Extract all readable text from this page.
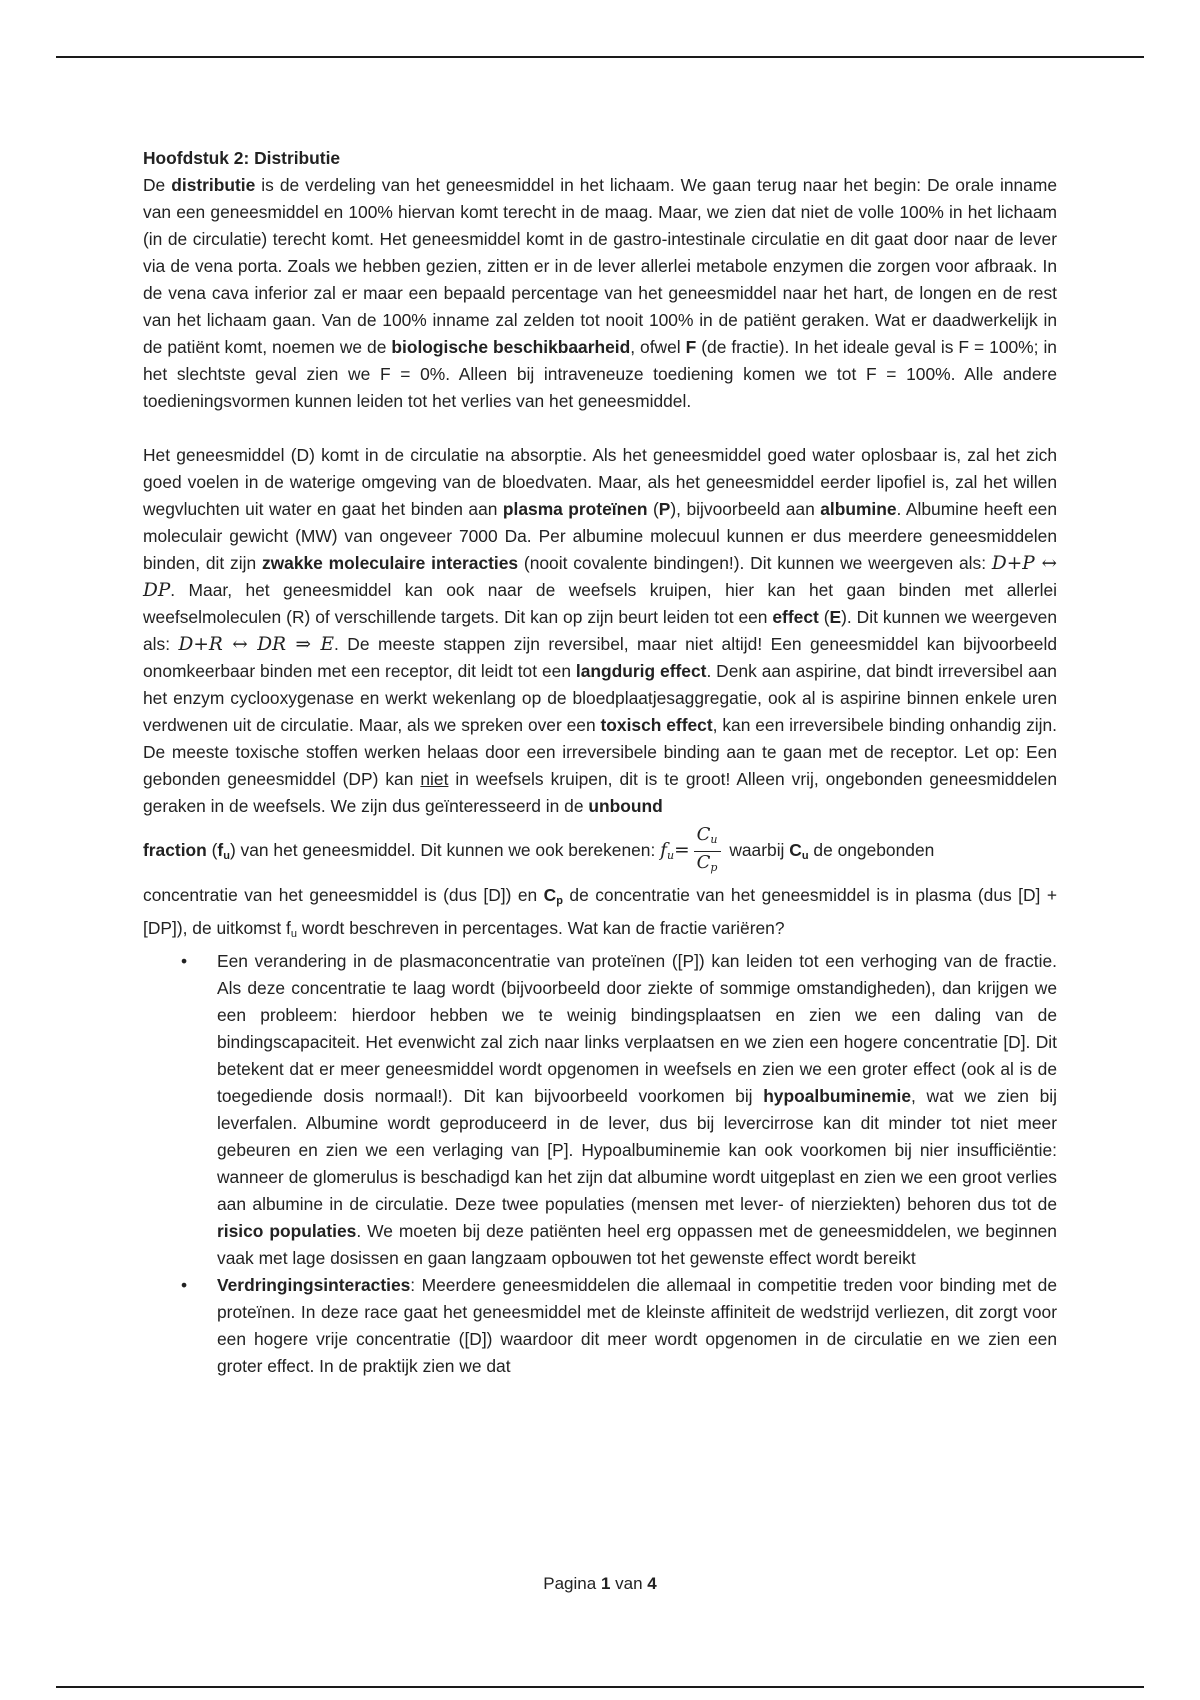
Hoofdstuk 2: Distributie

De distributie is de verdeling van het geneesmiddel in het lichaam. We gaan terug naar het begin: De orale inname van een geneesmiddel en 100% hiervan komt terecht in de maag. Maar, we zien dat niet de volle 100% in het lichaam (in de circulatie) terecht komt. Het geneesmiddel komt in de gastro-intestinale circulatie en dit gaat door naar de lever via de vena porta. Zoals we hebben gezien, zitten er in de lever allerlei metabole enzymen die zorgen voor afbraak. In de vena cava inferior zal er maar een bepaald percentage van het geneesmiddel naar het hart, de longen en de rest van het lichaam gaan. Van de 100% inname zal zelden tot nooit 100% in de patiënt geraken. Wat er daadwerkelijk in de patiënt komt, noemen we de biologische beschikbaarheid, ofwel F (de fractie). In het ideale geval is F = 100%; in het slechtste geval zien we F = 0%. Alleen bij intraveneuze toediening komen we tot F = 100%. Alle andere toedieningsvormen kunnen leiden tot het verlies van het geneesmiddel.

Het geneesmiddel (D) komt in de circulatie na absorptie. Als het geneesmiddel goed water oplosbaar is, zal het zich goed voelen in de waterige omgeving van de bloedvaten. Maar, als het geneesmiddel eerder lipofiel is, zal het willen wegvluchten uit water en gaat het binden aan plasma proteïnen (P), bijvoorbeeld aan albumine. Albumine heeft een moleculair gewicht (MW) van ongeveer 7000 Da. Per albumine molecuul kunnen er dus meerdere geneesmiddelen binden, dit zijn zwakke moleculaire interacties (nooit covalente bindingen!). Dit kunnen we weergeven als: D+P ↔ DP. Maar, het geneesmiddel kan ook naar de weefsels kruipen, hier kan het gaan binden met allerlei weefselmoleculen (R) of verschillende targets. Dit kan op zijn beurt leiden tot een effect (E). Dit kunnen we weergeven als: D+R ↔ DR ⇒ E. De meeste stappen zijn reversibel, maar niet altijd! Een geneesmiddel kan bijvoorbeeld onomkeerbaar binden met een receptor, dit leidt tot een langdurig effect. Denk aan aspirine, dat bindt irreversibel aan het enzym cyclooxygenase en werkt wekenlang op de bloedplaatjesaggregatie, ook al is aspirine binnen enkele uren verdwenen uit de circulatie. Maar, als we spreken over een toxisch effect, kan een irreversibele binding onhandig zijn. De meeste toxische stoffen werken helaas door een irreversibele binding aan te gaan met de receptor. Let op: Een gebonden geneesmiddel (DP) kan niet in weefsels kruipen, dit is te groot! Alleen vrij, ongebonden geneesmiddelen geraken in de weefsels. We zijn dus geïnteresseerd in de unbound

fraction $(f_u)$ van het geneesmiddel. Dit kunnen we ook berekenen: $f_u= \frac{C_u}{C_p}$ waarbij $C_u$ de ongebonden

concentratie van het geneesmiddel is (dus [D]) en $C_p$ de concentratie van het geneesmiddel is in plasma (dus [D] + [DP]), de uitkomst $f_u$ wordt beschreven in percentages. Wat kan de fractie variëren?

• Een verandering in de plasmaconcentratie van proteïnen ([P]) kan leiden tot een verhoging van de fractie. Als deze concentratie te laag wordt (bijvoorbeeld door ziekte of sommige omstandigheden), dan krijgen we een probleem: hierdoor hebben we te weinig bindingsplaatsen en zien we een daling van de bindingscapaciteit. Het evenwicht zal zich naar links verplaatsen en we zien een hogere concentratie [D]. Dit betekent dat er meer geneesmiddel wordt opgenomen in weefsels en zien we een groter effect (ook al is de toegediende dosis normaal!). Dit kan bijvoorbeeld voorkomen bij hypoalbuminemie, wat we zien bij leverfalen. Albumine wordt geproduceerd in de lever, dus bij levercirrose kan dit minder tot niet meer gebeuren en zien we een verlaging van [P]. Hypoalbuminemie kan ook voorkomen bij nier insufficiëntie: wanneer de glomerulus is beschadigd kan het zijn dat albumine wordt uitgeplast en zien we een groot verlies aan albumine in de circulatie. Deze twee populaties (mensen met lever- of nierziekten) behoren dus tot de risico populaties. We moeten bij deze patiënten heel erg oppassen met de geneesmiddelen, we beginnen vaak met lage dosissen en gaan langzaam opbouwen tot het gewenste effect wordt bereikt
• Verdringingsinteracties: Meerdere geneesmiddelen die allemaal in competitie treden voor binding met de proteïnen. In deze race gaat het geneesmiddel met de kleinste affiniteit de wedstrijd verliezen, dit zorgt voor een hogere vrije concentratie ([D]) waardoor dit meer wordt opgenomen in de circulatie en we zien een groter effect. In de praktijk zien we dat
Pagina 1 van 4
